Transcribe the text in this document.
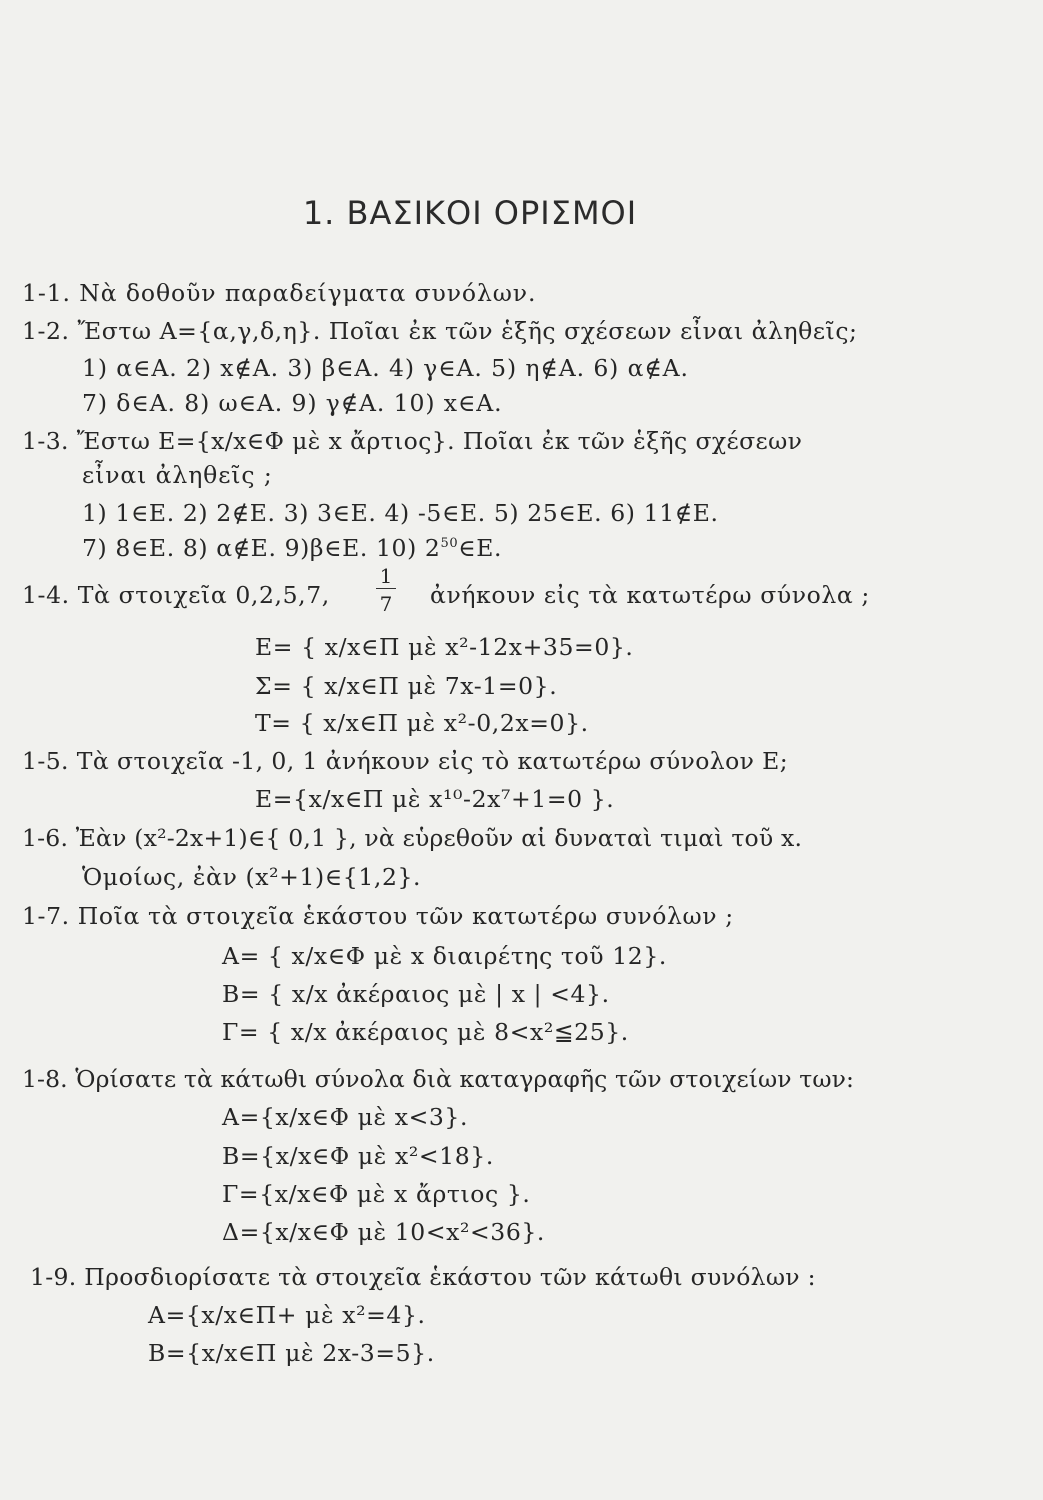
1. ΒΑΣΙΚΟΙ ΟΡΙΣΜΟΙ
1-1. Νὰ δοθοῦν παραδείγματα συνόλων.
1-2. Ἔστω Α={α,γ,δ,η}. Ποῖαι ἐκ τῶν ἑξῆς σχέσεων εἶναι ἀληθεῖς;
1) α∈Α. 2) x∉Α. 3) β∈Α. 4) γ∈Α. 5) η∉Α. 6) α∉Α.
7) δ∈Α. 8) ω∈Α. 9) γ∉Α. 10) x∈Α.
1-3. Ἔστω Ε={x/x∈Φ μὲ x ἄρτιος}. Ποῖαι ἐκ τῶν ἑξῆς σχέσεων
εἶναι ἀληθεῖς ;
1) 1∈Ε. 2) 2∉Ε. 3) 3∈Ε. 4) -5∈Ε. 5) 25∈Ε. 6) 11∉Ε.
7) 8∈Ε. 8) α∉Ε. 9)β∈Ε. 10) $2^{50}\in E$.
1-4. Τὰ στοιχεῖα 0,2,5,7,
1
7 ἀνήκουν εἰς τὰ κατωτέρω σύνολα ;
Ε= { x/x∈Π μὲ x²-12x+35=0}.
Σ= { x/x∈Π μὲ 7x-1=0}.
Τ= { x/x∈Π μὲ x²-0,2x=0}.
1-5. Τὰ στοιχεῖα -1, 0, 1 ἀνήκουν εἰς τὸ κατωτέρω σύνολον Ε;
Ε={x/x∈Π μὲ x¹⁰-2x⁷+1=0 }.
1-6. Ἐὰν (x²-2x+1)∈{ 0,1 }, νὰ εὑρεθοῦν αἱ δυναταὶ τιμαὶ τοῦ x.
Ὁμοίως, ἐὰν (x²+1)∈{1,2}.
1-7. Ποῖα τὰ στοιχεῖα ἑκάστου τῶν κατωτέρω συνόλων ;
Α= { x/x∈Φ μὲ x διαιρέτης τοῦ 12}.
Β= { x/x ἀκέραιος μὲ | x | <4}.
Γ= { x/x ἀκέραιος μὲ 8<x²≦25}.
1-8. Ὁρίσατε τὰ κάτωθι σύνολα διὰ καταγραφῆς τῶν στοιχείων των:
Α={x/x∈Φ μὲ x<3}.
Β={x/x∈Φ μὲ x²<18}.
Γ={x/x∈Φ μὲ x ἄρτιος }.
Δ={x/x∈Φ μὲ 10<x²<36}.
1-9. Προσδιορίσατε τὰ στοιχεῖα ἑκάστου τῶν κάτωθι συνόλων :
Α={x/x∈Π+ μὲ x²=4}.
Β={x/x∈Π μὲ 2x-3=5}.
